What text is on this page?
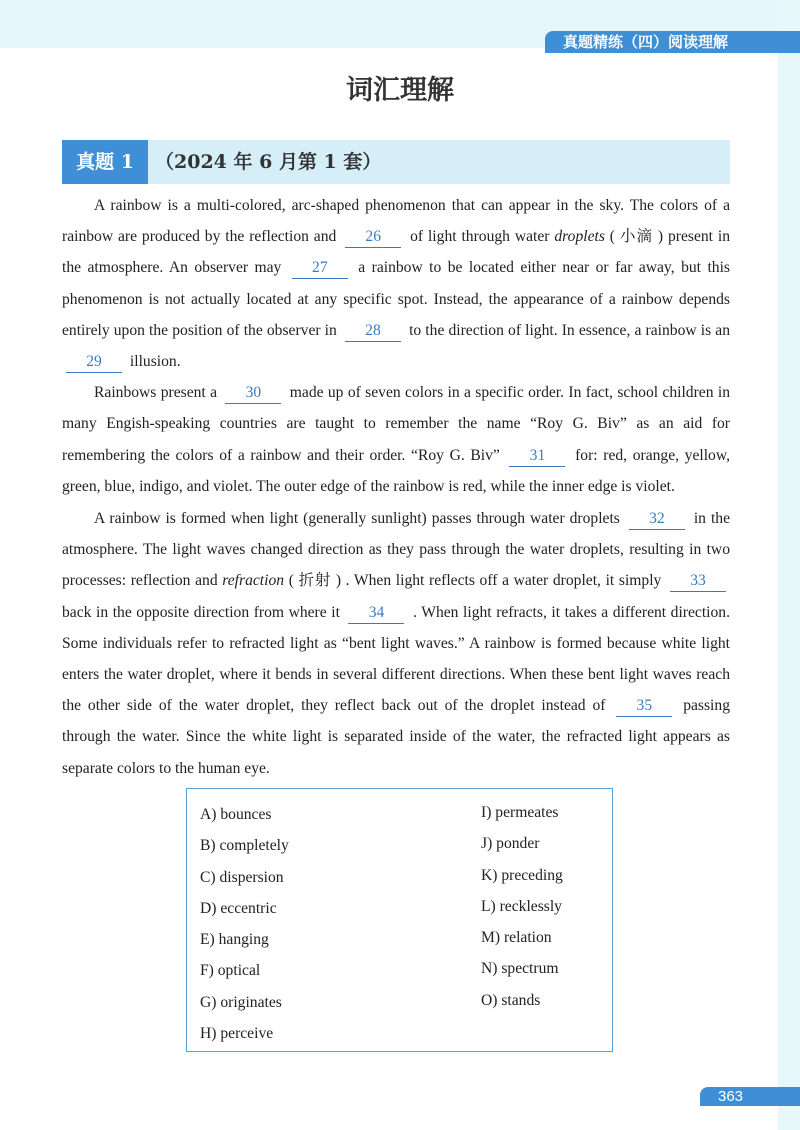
真题精练（四）阅读理解
词汇理解
真题 1	（2024 年 6 月第 1 套）

A rainbow is a multi-colored, arc-shaped phenomenon that can appear in the sky. The colors of a rainbow are produced by the reflection and 26 of light through water droplets ( 小滴 ) present in the atmosphere. An observer may 27 a rainbow to be located either near or far away, but this phenomenon is not actually located at any specific spot. Instead, the appearance of a rainbow depends entirely upon the position of the observer in 28 to the direction of light. In essence, a rainbow is an 29 illusion.

Rainbows present a 30 made up of seven colors in a specific order. In fact, school children in many Engish-speaking countries are taught to remember the name “Roy G. Biv” as an aid for remembering the colors of a rainbow and their order. “Roy G. Biv” 31 for: red, orange, yellow, green, blue, indigo, and violet. The outer edge of the rainbow is red, while the inner edge is violet.

A rainbow is formed when light (generally sunlight) passes through water droplets 32 in the atmosphere. The light waves changed direction as they pass through the water droplets, resulting in two processes: reflection and refraction ( 折射 ) . When light reflects off a water droplet, it simply 33 back in the opposite direction from where it 34 . When light refracts, it takes a different direction. Some individuals refer to refracted light as “bent light waves.” A rainbow is formed because white light enters the water droplet, where it bends in several different directions. When these bent light waves reach the other side of the water droplet, they reflect back out of the droplet instead of 35 passing through the water. Since the white light is separated inside of the water, the refracted light appears as separate colors to the human eye.

A) bounces
B) completely
C) dispersion
D) eccentric
E) hanging
F) optical
G) originates
H) perceive
I) permeates
J) ponder
K) preceding
L) recklessly
M) relation
N) spectrum
O) stands
363
